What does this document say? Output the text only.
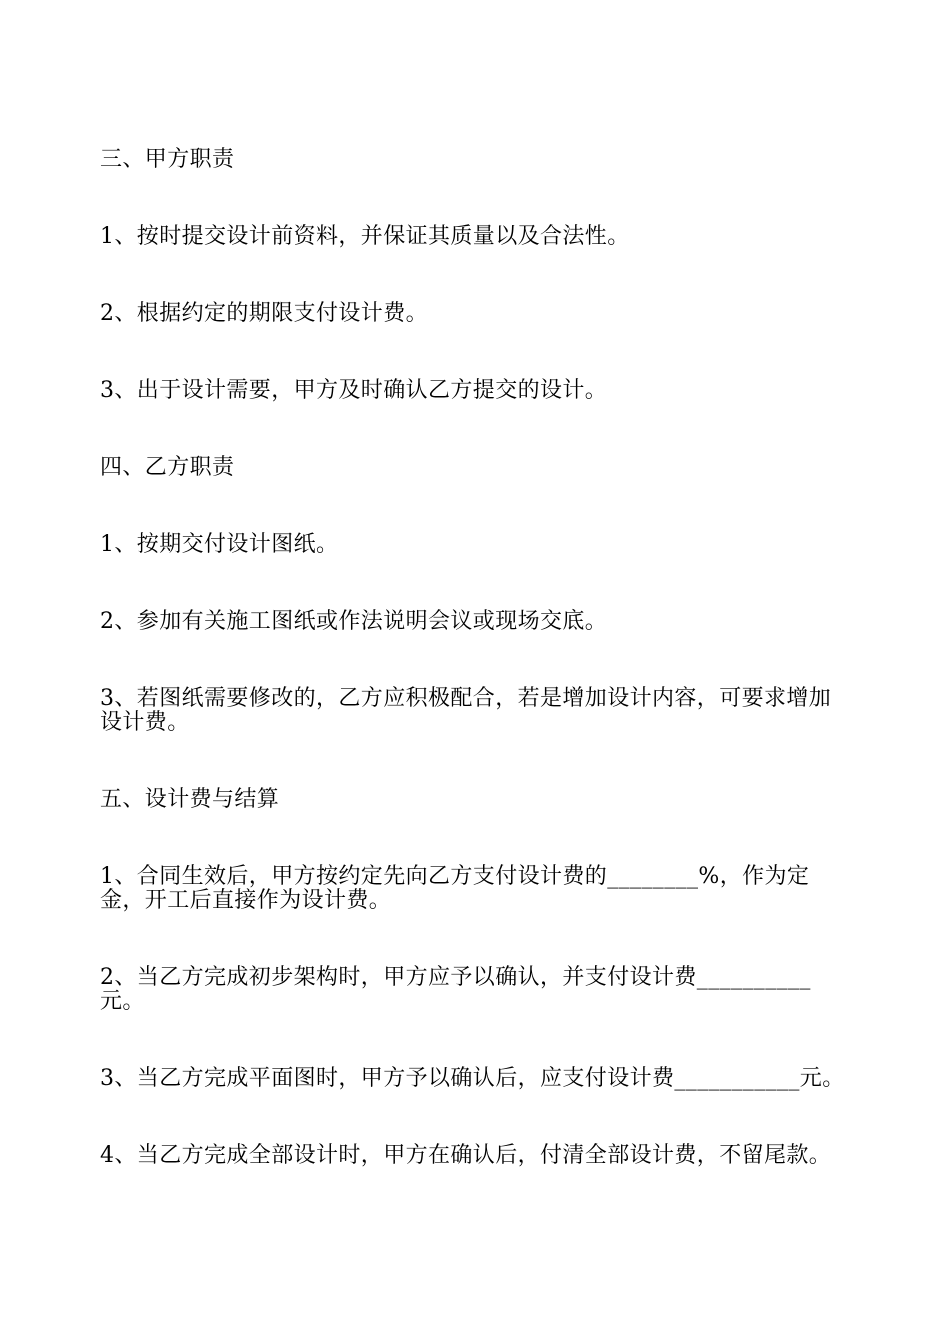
三、甲方职责

1、按时提交设计前资料，并保证其质量以及合法性。

2、根据约定的期限支付设计费。

3、出于设计需要，甲方及时确认乙方提交的设计。

四、乙方职责

1、按期交付设计图纸。

2、参加有关施工图纸或作法说明会议或现场交底。

3、若图纸需要修改的，乙方应积极配合，若是增加设计内容，可要求增加设计费。

五、设计费与结算

1、合同生效后，甲方按约定先向乙方支付设计费的________%，作为定金，开工后直接作为设计费。

2、当乙方完成初步架构时，甲方应予以确认，并支付设计费__________元。

3、当乙方完成平面图时，甲方予以确认后，应支付设计费___________元。

4、当乙方完成全部设计时，甲方在确认后，付清全部设计费，不留尾款。
